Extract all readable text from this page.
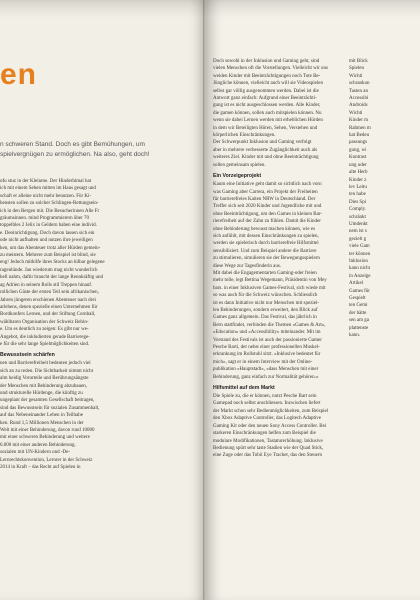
en

n schweren Stand. Doch es gibt Bemühungen, um

spielvergnügen zu ermöglichen. Na also, geht doch!

ofu stuz in der Kleinme. Der Hinderhimal hat

ich mit einem Sehen mitten im Haus gesagt und

schaft er alleine nicht mehr benutzen. Für Ki-

hensten sollen zu solcher Schlingen-Rettungsein-

ich in den Bergen mit. Die Besucherinnen Alle Fr

gräumsinnen. mind Programmierern über 70

toppelbles 2 Jelix in Geldern haben eine individ.

e. Deoinrichtigung. Doch davon lassen sich ein

ode nicht aufhalten und nutzen ihre jeweiligen

ken, um das Abenteuer trotz aller Hürden gemein-

zu meistern. Mehrere zum Beispiel ist blind, sie

eng! Jedoch mithilfe ihres Stocks an hilbar gelegene

ragenlünde. Jan wiederum mag nicht wunderlich

hell nahm, daftir braucht der lange Rennkräftig und

ag Adrien in seinem Rolls stil Treppen hinauf.

rollichen Gäste der ersten Teil sein afrikanischen,

Jahren jüngeren erschienen Abenteuer nach drei

arlehens, denen spezielle einen Unternehmen für

Bordkonfers Lernen, und der Stiftung Cornball,

wählbaren Organisation der Schweiz Behin-

e. Utu es deutlich zu zeigen: Es gibt nur we-

Angebot, die inkludierten gerade Barrierege-

e für die sehr lange Spielmöglichkeiten sind.

Bewusstsein schärfen

nen und Barrierefreiheit bedeuten jedoch viel

sich an zu reden. Die Sichtbarkeit nimmt nicht

alm heidig Vorurteile und Berührungsängste

der Menschen mit Behinderung abzubauen,

und strukturelle Hürdenge, die künftig zu

ungeplant der gesamten Gesellschaft beitragen,

sind das Bewusstsein für sozialen Zusammenhalt,

auf das Nebeneinander Leben in Teilhabe

ken. Rund 1,5 Millionen Menschen in der

Welt mit einer Behinderung, davon rund 10000

mit einer schweren Behinderung und weitere

6.000 mit einer anderen Behinderung.

sozialen mit UN-Kindern und -De-

Lernrechtskonvention, Lernrer in der Schweiz

2014 in Kraft – das Recht auf Spielen in

Doch sowohl in der Inklusion und Gaming geht, sind

vielen Menschen oft die Vorstellungen. Vielleicht wir uns

weiden Kinder mit Beeinträchtigungen noch Tote Be-

Jüngliche können, vielleicht auch will sie Videospielen

selbst gar völlig ausgenommen werden. Dabei ist die

Antwort ganz einfach: Aufgrund einer Beeinträchti-

gung ist es nicht ausgeschlossen werden. Alle Kinder,

die gamen können, sollen auch mitspielen können. Nu

wenn sie dabei Lernen werden mit erheblichen Hürden

in dem wir Beteiligten Hören, Sehen, Verstehen und

körperlichen Einschränkungen.

Der Schwerpunkt Inklusion und Gaming verfolgt

aber in mehrere verbesserte Zugänglichkeit auch als

weiteres Ziel. Kinder mit und ohne Beeinträchtigung

sollen gemeinsam spielen.

Ein Vorzeigeprojekt

Kaum eine Initiative geht damit so sichtlich nach vorn

was Gaming aber Carrera, ein Projekt der Freiheiten

für barrierefreies Kaiten NRW in Deutschland. Der

Treffer sich seit 2020 Kinder und Jugendliche mit und

ohne Beeinträchtigung, um den Games in kleinen Bar-

rierefreiheit auf der Zahn zu fühlen. Damit die Kinder

ohne Behinderung bewusst machen können, wie es

sich anfühlt, mit dessen Einschränkungen zu spielen,

werden sie spielerisch durch barrierefreie Hilfsmittel

sensibilisiert. Und zum Beispiel andere die Barriere

zu stimulieren, simulieren sie der Bewegungsspielern

diese Wege zur Tagesfinderin aus.

Mit dabei die Engagementarten Gaming-oder freien

mehr tolle, legt Bettina Wegemann, Präsidentin von Mey

bars. in einer Inklusiven Games-Festival, sich wiede mit

so was auch für die Schweiz wünschen. Schliesslich

ist es dann Initiative nicht nur Menschen mit speziel-

len Behinderungen, sondern erweitert, den Blick auf

Games ganz allgemein. Das Festival, das jährlich in

Bern stattfindet, verbinden die Themen «Games & Art»,

«Education» und «Accessibility» miteinander. Mit im

Vorstand des Festivals ist auch der passionierte Gamer

Pesche Barti, der nebst einer professionellen Muskel-

erkrankung im Rollstuhl sitzt. «Inklusive bedeutet für

mich», sagt er in einem Interview mit der Online-

publikation «Hauptstadt», «dass Menschen mit einer

Behinderung, ganz einfach zur Normalität gehören.»

Hilfsmittel auf dem Markt

Die Spiele zu, die er können, nutzt Pesche Bart sein

Gamepad noch selbst anschliessen. Inzwischen liefert

der Markt schon sehr Bedienmöglichkeiten, zum Beispiel

den Xbox Adaptive Controller, das Logitech Adaptive

Gaming Kit oder den neuen Sony Access Controller. Bei

starkeren Einschränkungen helfen zum Beispiel die

modulare Modifikationen, Tastaturerhöhung. Inklusive

Bedienung spürt sehr taste Stadien wie der Quad Stick,

eine Zuge oder das Tobii Eye Tracker, das den Steuern

mit Blick

Spielen

Wichti

schrankun

Tasten an

Accessibi

Androids

Wichti

Kinder m

Rahmen m

hat Bedeu

passungs

gung, wi

Kontrast

ung oder

alte Herb

Kinder z

lev Leitu

ten habe

Dies Spi

Comply.

schränkt

Umdenkt

nem ist s

gezielt g

viele Gam

ter können

Inklusion

kann nicht

in Anzeige

Artikel

Games für

Gespielt

ten Gemi

der hätte

sen am ga

plattenste

kann.
